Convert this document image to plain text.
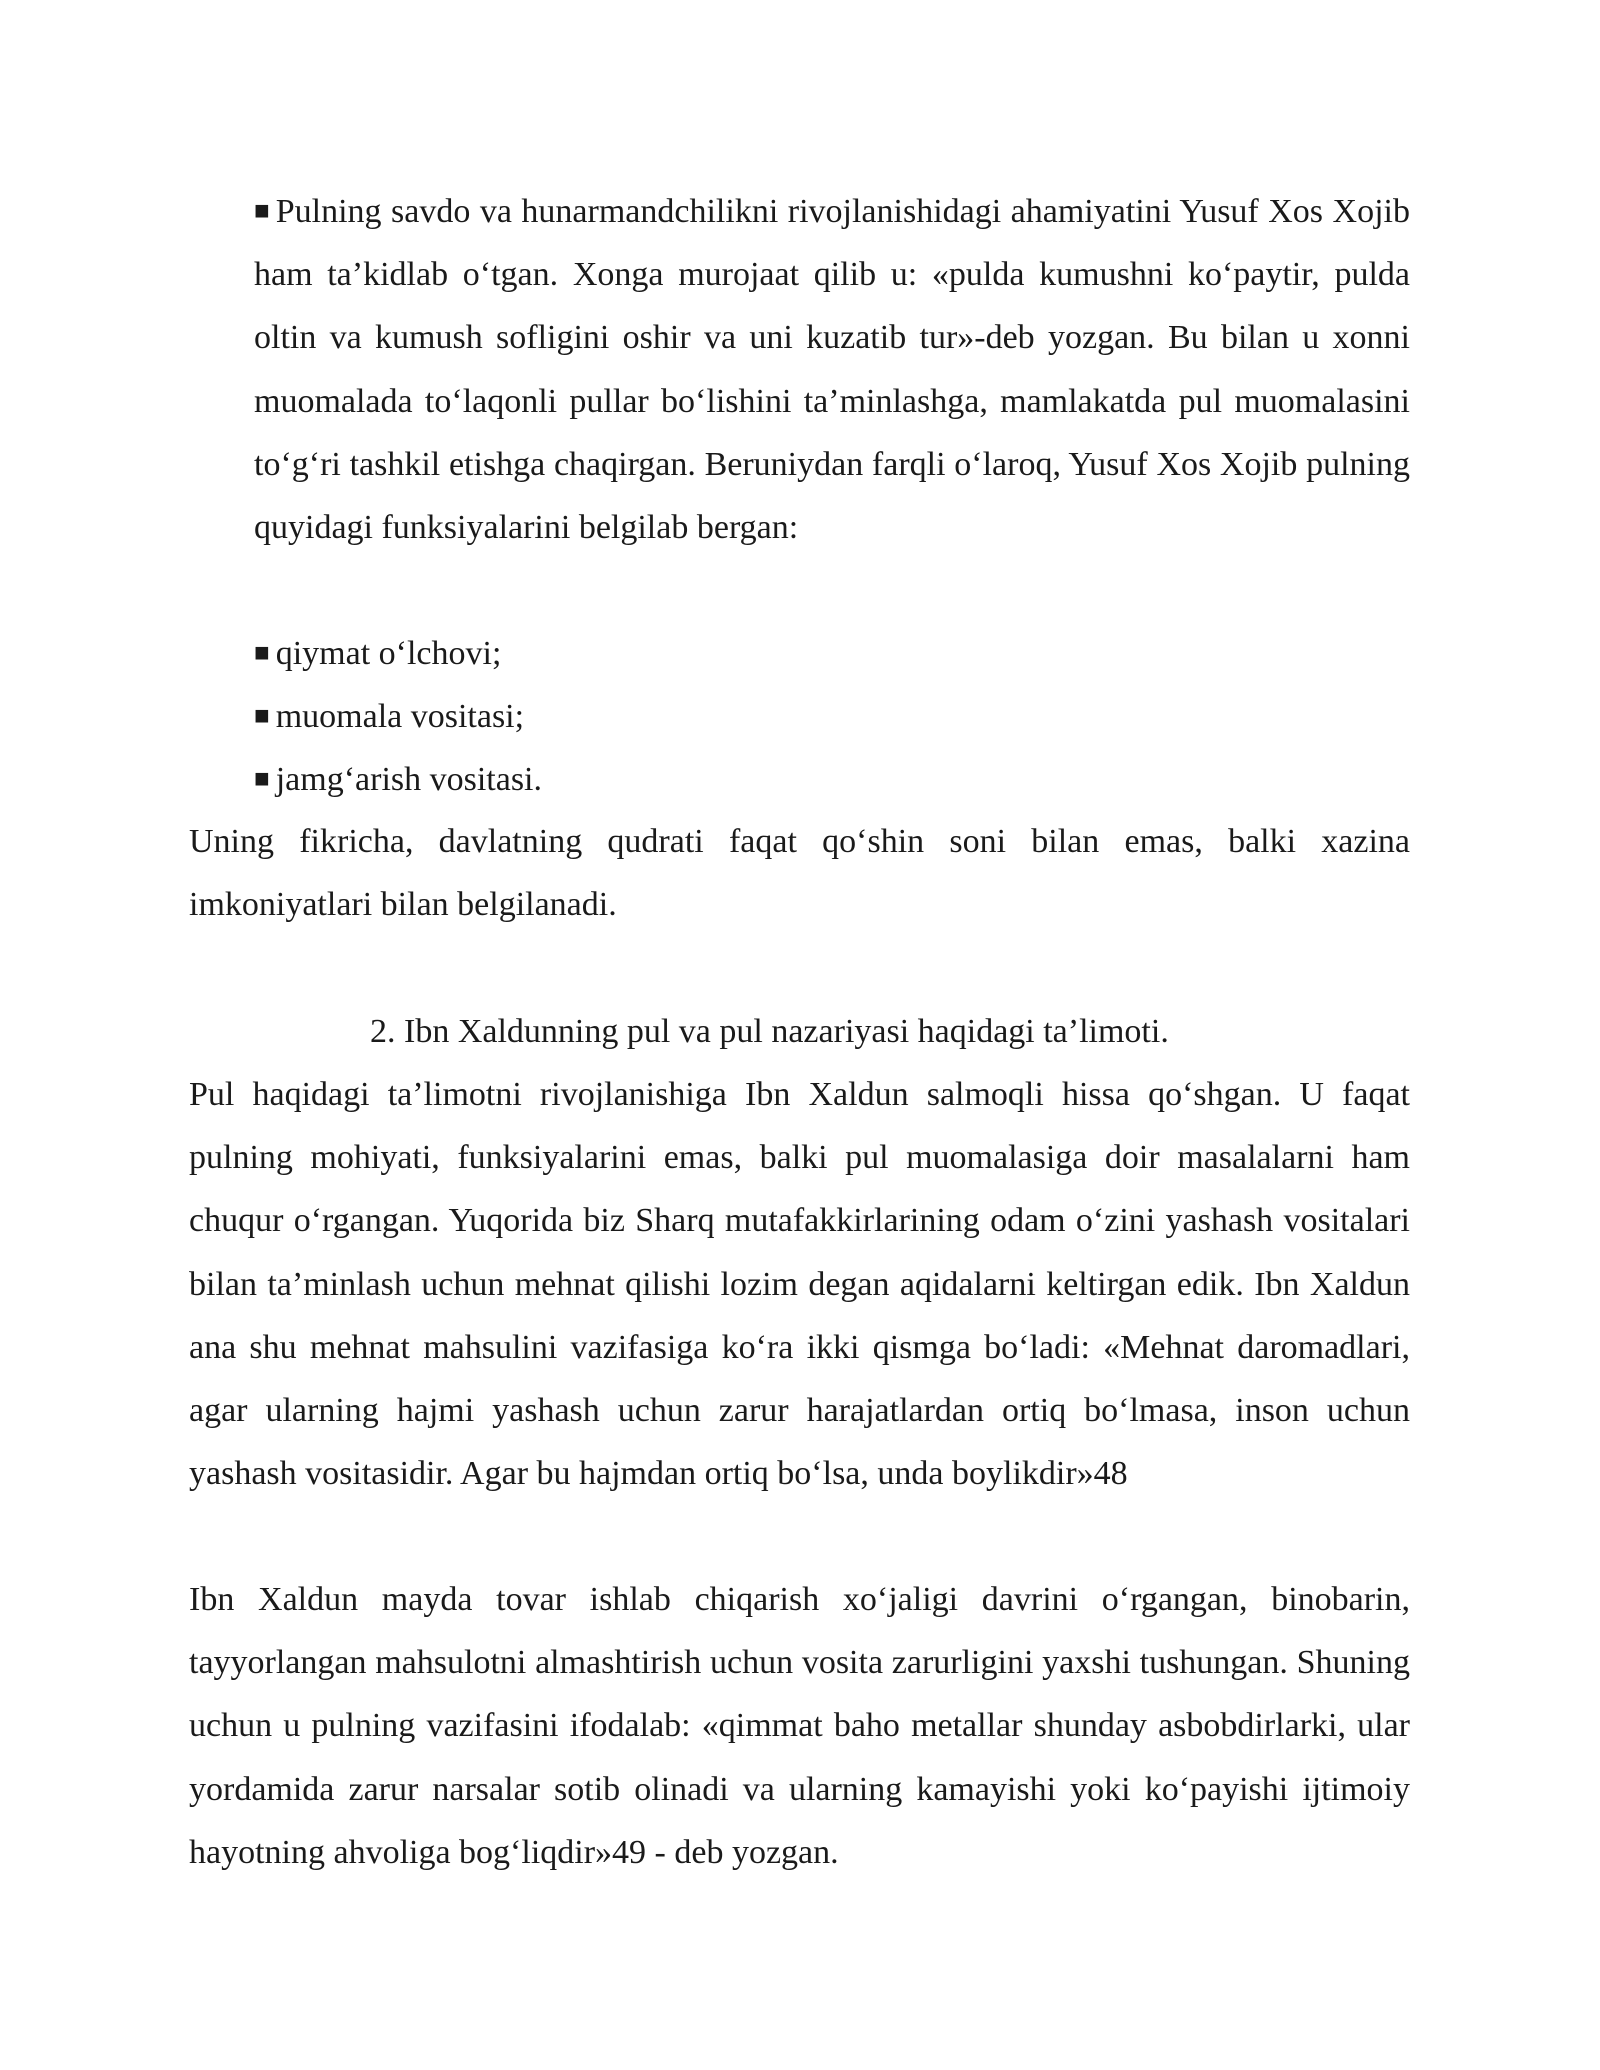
■ Pulning savdo va hunarmandchilikni rivojlanishidagi ahamiyatini Yusuf Xos Xojib ham ta’kidlab o‘tgan. Xonga murojaat qilib u: «pulda kumushni ko‘paytir, pulda oltin va kumush sofligini oshir va uni kuzatib tur»-deb yozgan. Bu bilan u xonni muomalada to‘laqonli pullar bo‘lishini ta’minlashga, mamlakatda pul muomalasini to‘g‘ri tashkil etishga chaqirgan. Beruniydan farqli o‘laroq, Yusuf Xos Xojib pulning quyidagi funksiyalarini belgilab bergan:

■ qiymat o‘lchovi;
■ muomala vositasi;
■ jamg‘arish vositasi.

Uning fikricha, davlatning qudrati faqat qo‘shin soni bilan emas, balki xazina imkoniyatlari bilan belgilanadi.

2. Ibn Xaldunning pul va pul nazariyasi haqidagi ta’limoti.

Pul haqidagi ta’limotni rivojlanishiga Ibn Xaldun salmoqli hissa qo‘shgan. U faqat pulning mohiyati, funksiyalarini emas, balki pul muomalasiga doir masalalarni ham chuqur o‘rgangan. Yuqorida biz Sharq mutafakkirlarining odam o‘zini yashash vositalari bilan ta’minlash uchun mehnat qilishi lozim degan aqidalarni keltirgan edik. Ibn Xaldun ana shu mehnat mahsulini vazifasiga ko‘ra ikki qismga bo‘ladi: «Mehnat daromadlari, agar ularning hajmi yashash uchun zarur harajatlardan ortiq bo‘lmasa, inson uchun yashash vositasidir. Agar bu hajmdan ortiq bo‘lsa, unda boylikdir»48

Ibn Xaldun mayda tovar ishlab chiqarish xo‘jaligi davrini o‘rgangan, binobarin, tayyorlangan mahsulotni almashtirish uchun vosita zarurligini yaxshi tushungan. Shuning uchun u pulning vazifasini ifodalab: «qimmat baho metallar shunday asbobdirlarki, ular yordamida zarur narsalar sotib olinadi va ularning kamayishi yoki ko‘payishi ijtimoiy hayotning ahvoliga bog‘liqdir»49 - deb yozgan.
